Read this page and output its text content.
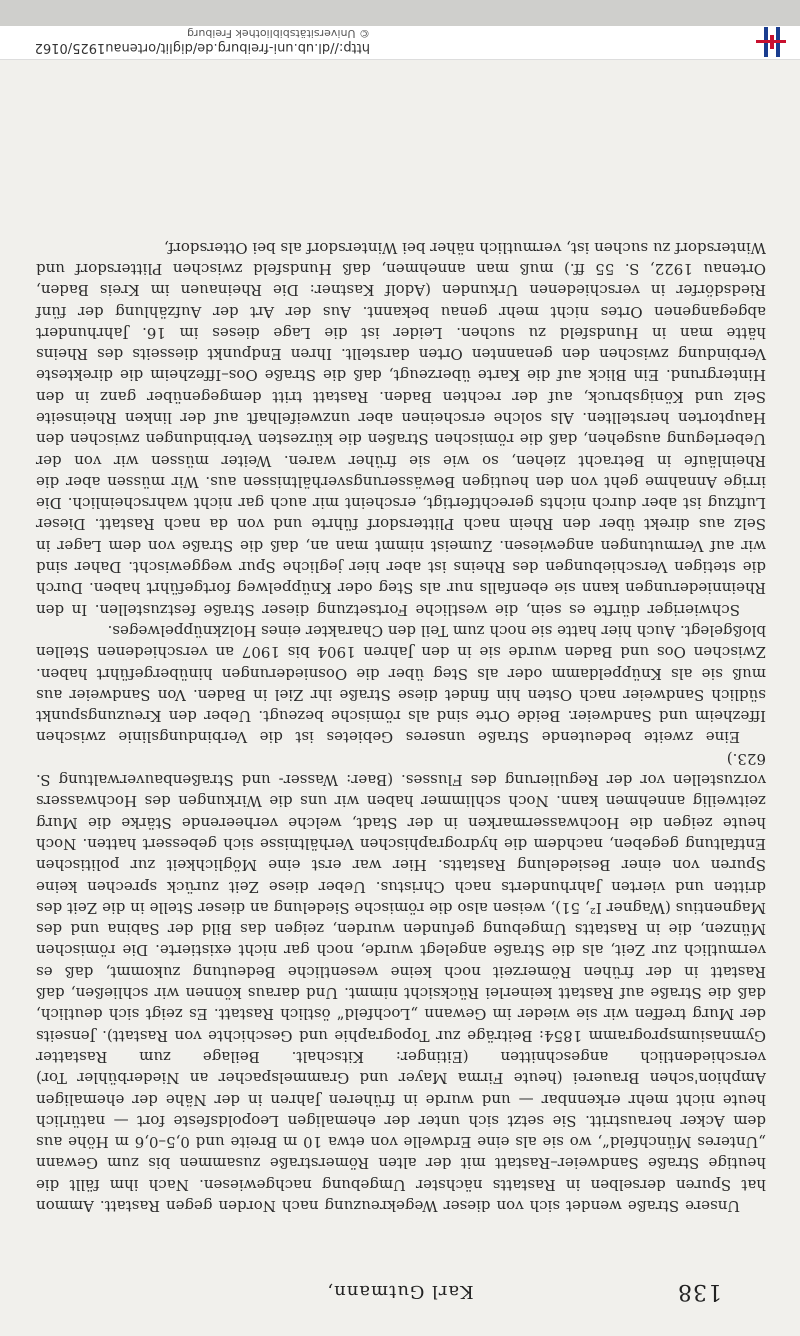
138
Karl Gutmann,

Unsere Straße wendet sich von dieser Wegekreuzung nach Norden gegen Rastatt. Ammon hat Spuren derselben in Rastatts nächster Umgebung nachgewiesen. Nach ihm fällt die heutige Straße Sandweier–Rastatt mit der alten Römerstraße zusammen bis zum Gewann „Unteres Münchfeld“, wo sie als eine Erdwelle von etwa 10 m Breite und 0,5–0,6 m Höhe aus dem Acker heraustritt. Sie setzt sich unter der ehemaligen Leopoldsfeste fort — natürlich heute nicht mehr erkennbar — und wurde in früheren Jahren in der Nähe der ehemaligen Amphion'schen Brauerei (heute Firma Mayer und Grammelspacher an Niederbühler Tor) verschiedentlich angeschnitten (Eitinger: Kitschalt. Beilage zum Rastatter Gymnasiumsprogramm 1854: Beiträge zur Topographie und Geschichte von Rastatt). Jenseits der Murg treffen wir sie wieder im Gewann „Lochfeld“ östlich Rastatt. Es zeigt sich deutlich, daß die Straße auf Rastatt keinerlei Rücksicht nimmt. Und daraus können wir schließen, daß Rastatt in der frühen Römerzeit noch keine wesentliche Bedeutung zukommt, daß es vermutlich zur Zeit, als die Straße angelegt wurde, noch gar nicht existierte. Die römischen Münzen, die in Rastatts Umgebung gefunden wurden, zeigen das Bild der Sabina und des Magnentius (Wagner I², 51), weisen also die römische Siedelung an dieser Stelle in die Zeit des dritten und vierten Jahrhunderts nach Christus. Ueber diese Zeit zurück sprechen keine Spuren von einer Besiedelung Rastatts. Hier war erst eine Möglichkeit zur politischen Entfaltung gegeben, nachdem die hydrographischen Verhältnisse sich gebessert hatten. Noch heute zeigen die Hochwassermarken in der Stadt, welche verheerende Stärke die Murg zeitweilig annehmen kann. Noch schlimmer haben wir uns die Wirkungen des Hochwassers vorzustellen vor der Regulierung des Flusses. (Baer: Wasser- und Straßenbauverwaltung S. 623.)

Eine zweite bedeutende Straße unseres Gebietes ist die Verbindungslinie zwischen Iffezheim und Sandweier. Beide Orte sind als römische bezeugt. Ueber den Kreuzungspunkt südlich Sandweier nach Osten hin findet diese Straße ihr Ziel in Baden. Von Sandweier aus muß sie als Knüppeldamm oder als Steg über die Oosniederungen hinübergeführt haben. Zwischen Oos und Baden wurde sie in den Jahren 1904 bis 1907 an verschiedenen Stellen bloßgelegt. Auch hier hatte sie noch zum Teil den Charakter eines Holzknüppelweges.

Schwieriger dürfte es sein, die westliche Fortsetzung dieser Straße festzustellen. In den Rheinniederungen kann sie ebenfalls nur als Steg oder Knüppelweg fortgeführt haben. Durch die stetigen Verschiebungen des Rheins ist aber hier jegliche Spur weggewischt. Daher sind wir auf Vermutungen angewiesen. Zumeist nimmt man an, daß die Straße von dem Lager in Selz aus direkt über den Rhein nach Plittersdorf führte und von da nach Rastatt. Dieser Luftzug ist aber durch nichts gerechtfertigt, erscheint mir auch gar nicht wahrscheinlich. Die irrige Annahme geht von den heutigen Bewässerungsverhältnissen aus. Wir müssen aber die Rheinläufe in Betracht ziehen, so wie sie früher waren. Weiter müssen wir von der Ueberlegung ausgehen, daß die römischen Straßen die kürzesten Verbindungen zwischen den Hauptorten herstellten. Als solche erscheinen aber unzweifelhaft auf der linken Rheinseite Selz und Königsbruck, auf der rechten Baden. Rastatt tritt demgegenüber ganz in den Hintergrund. Ein Blick auf die Karte überzeugt, daß die Straße Oos–Iffezheim die direkteste Verbindung zwischen den genannten Orten darstellt. Ihren Endpunkt diesseits des Rheins hätte man in Hundsfeld zu suchen. Leider ist die Lage dieses im 16. Jahrhundert abgegangenen Ortes nicht mehr genau bekannt. Aus der Art der Aufzählung der fünf Riedsdörfer in verschiedenen Urkunden (Adolf Kastner: Die Rheinauen im Kreis Baden, Ortenau 1922, S. 55 ff.) muß man annehmen, daß Hundsfeld zwischen Plittersdorf und Wintersdorf zu suchen ist, vermutlich näher bei Wintersdorf als bei Ottersdorf,

http://dl.ub.uni-freiburg.de/diglit/ortenau1925/0162
© Universitätsbibliothek Freiburg
